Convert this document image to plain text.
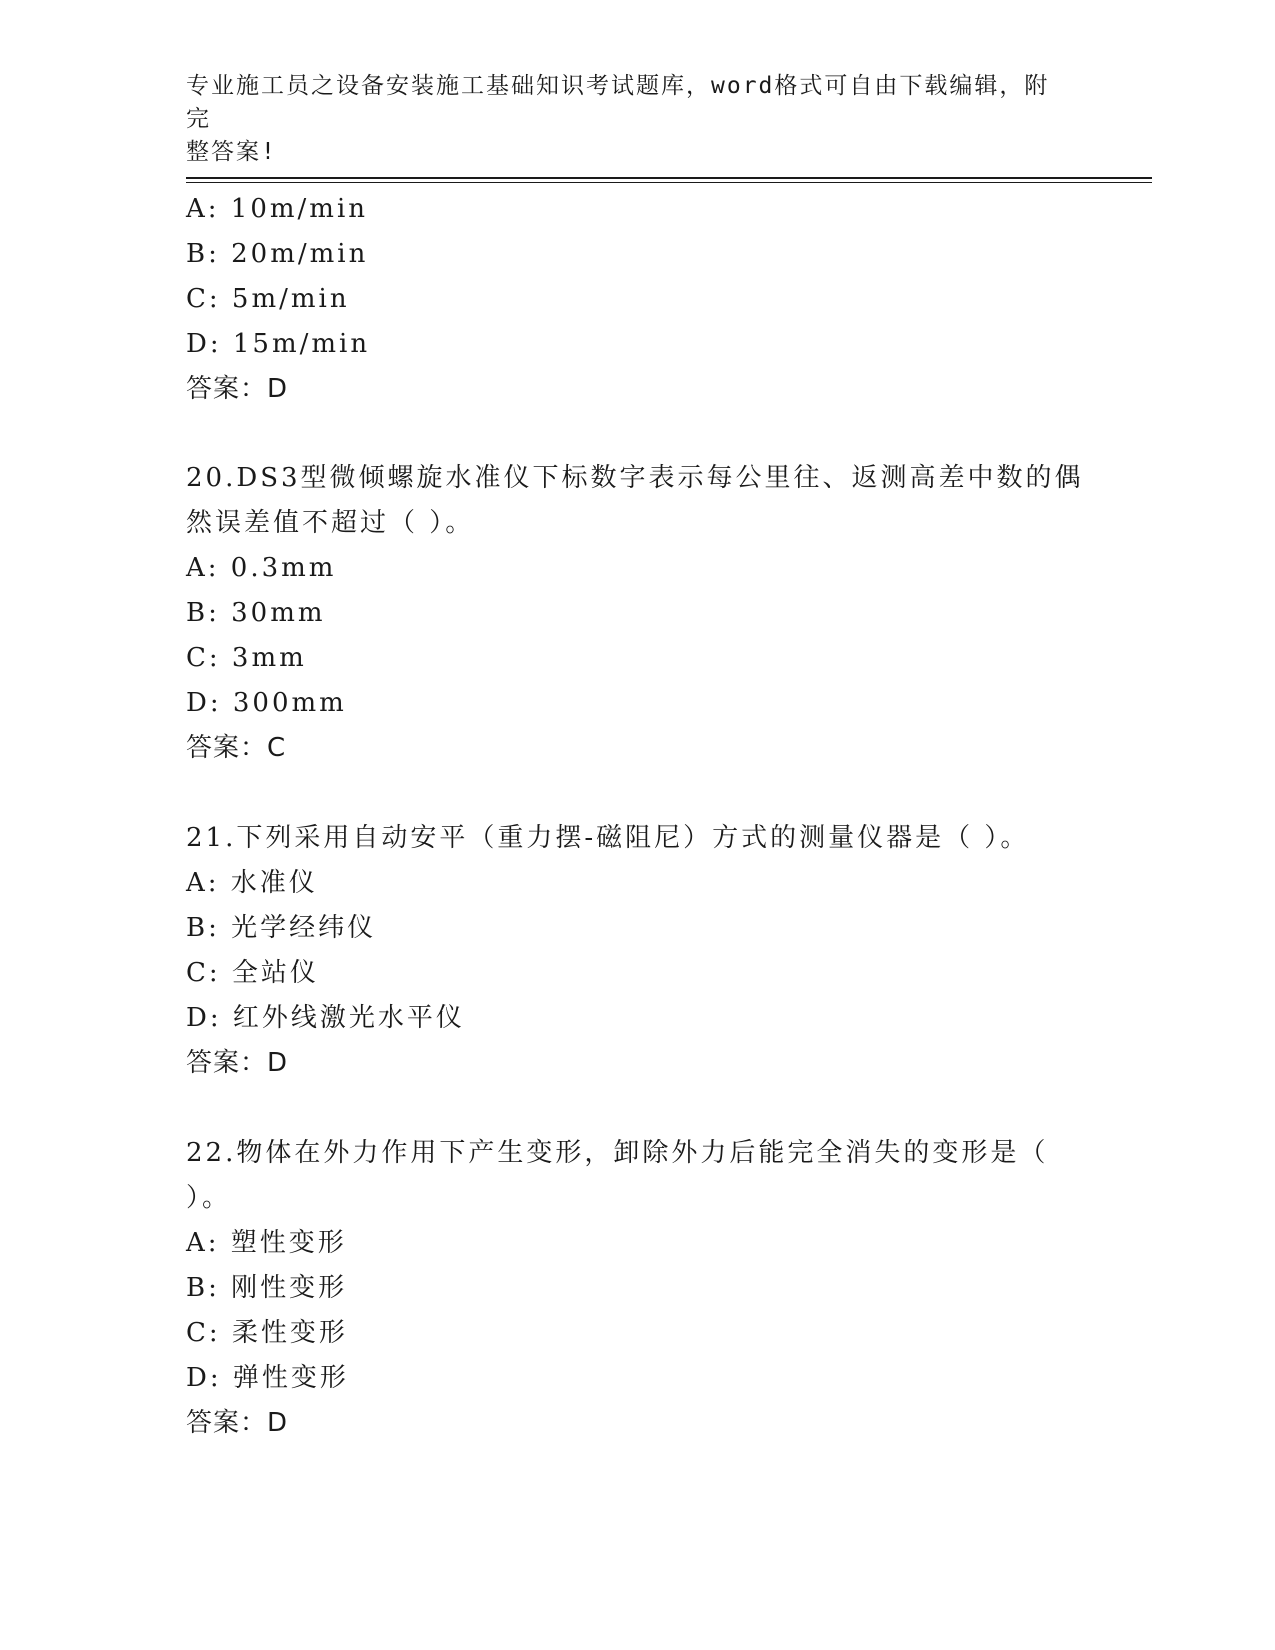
专业施工员之设备安装施工基础知识考试题库，word格式可自由下载编辑，附完
整答案!
A: 10m/min
B: 20m/min
C: 5m/min
D: 15m/min
答案：D
20.DS3型微倾螺旋水准仪下标数字表示每公里往、返测高差中数的偶
然误差值不超过（ ）。
A: 0.3mm
B: 30mm
C: 3mm
D: 300mm
答案：C
21.下列采用自动安平（重力摆-磁阻尼）方式的测量仪器是（ ）。
A: 水准仪
B: 光学经纬仪
C: 全站仪
D: 红外线激光水平仪
答案：D
22.物体在外力作用下产生变形，卸除外力后能完全消失的变形是（
）。
A: 塑性变形
B: 刚性变形
C: 柔性变形
D: 弹性变形
答案：D
